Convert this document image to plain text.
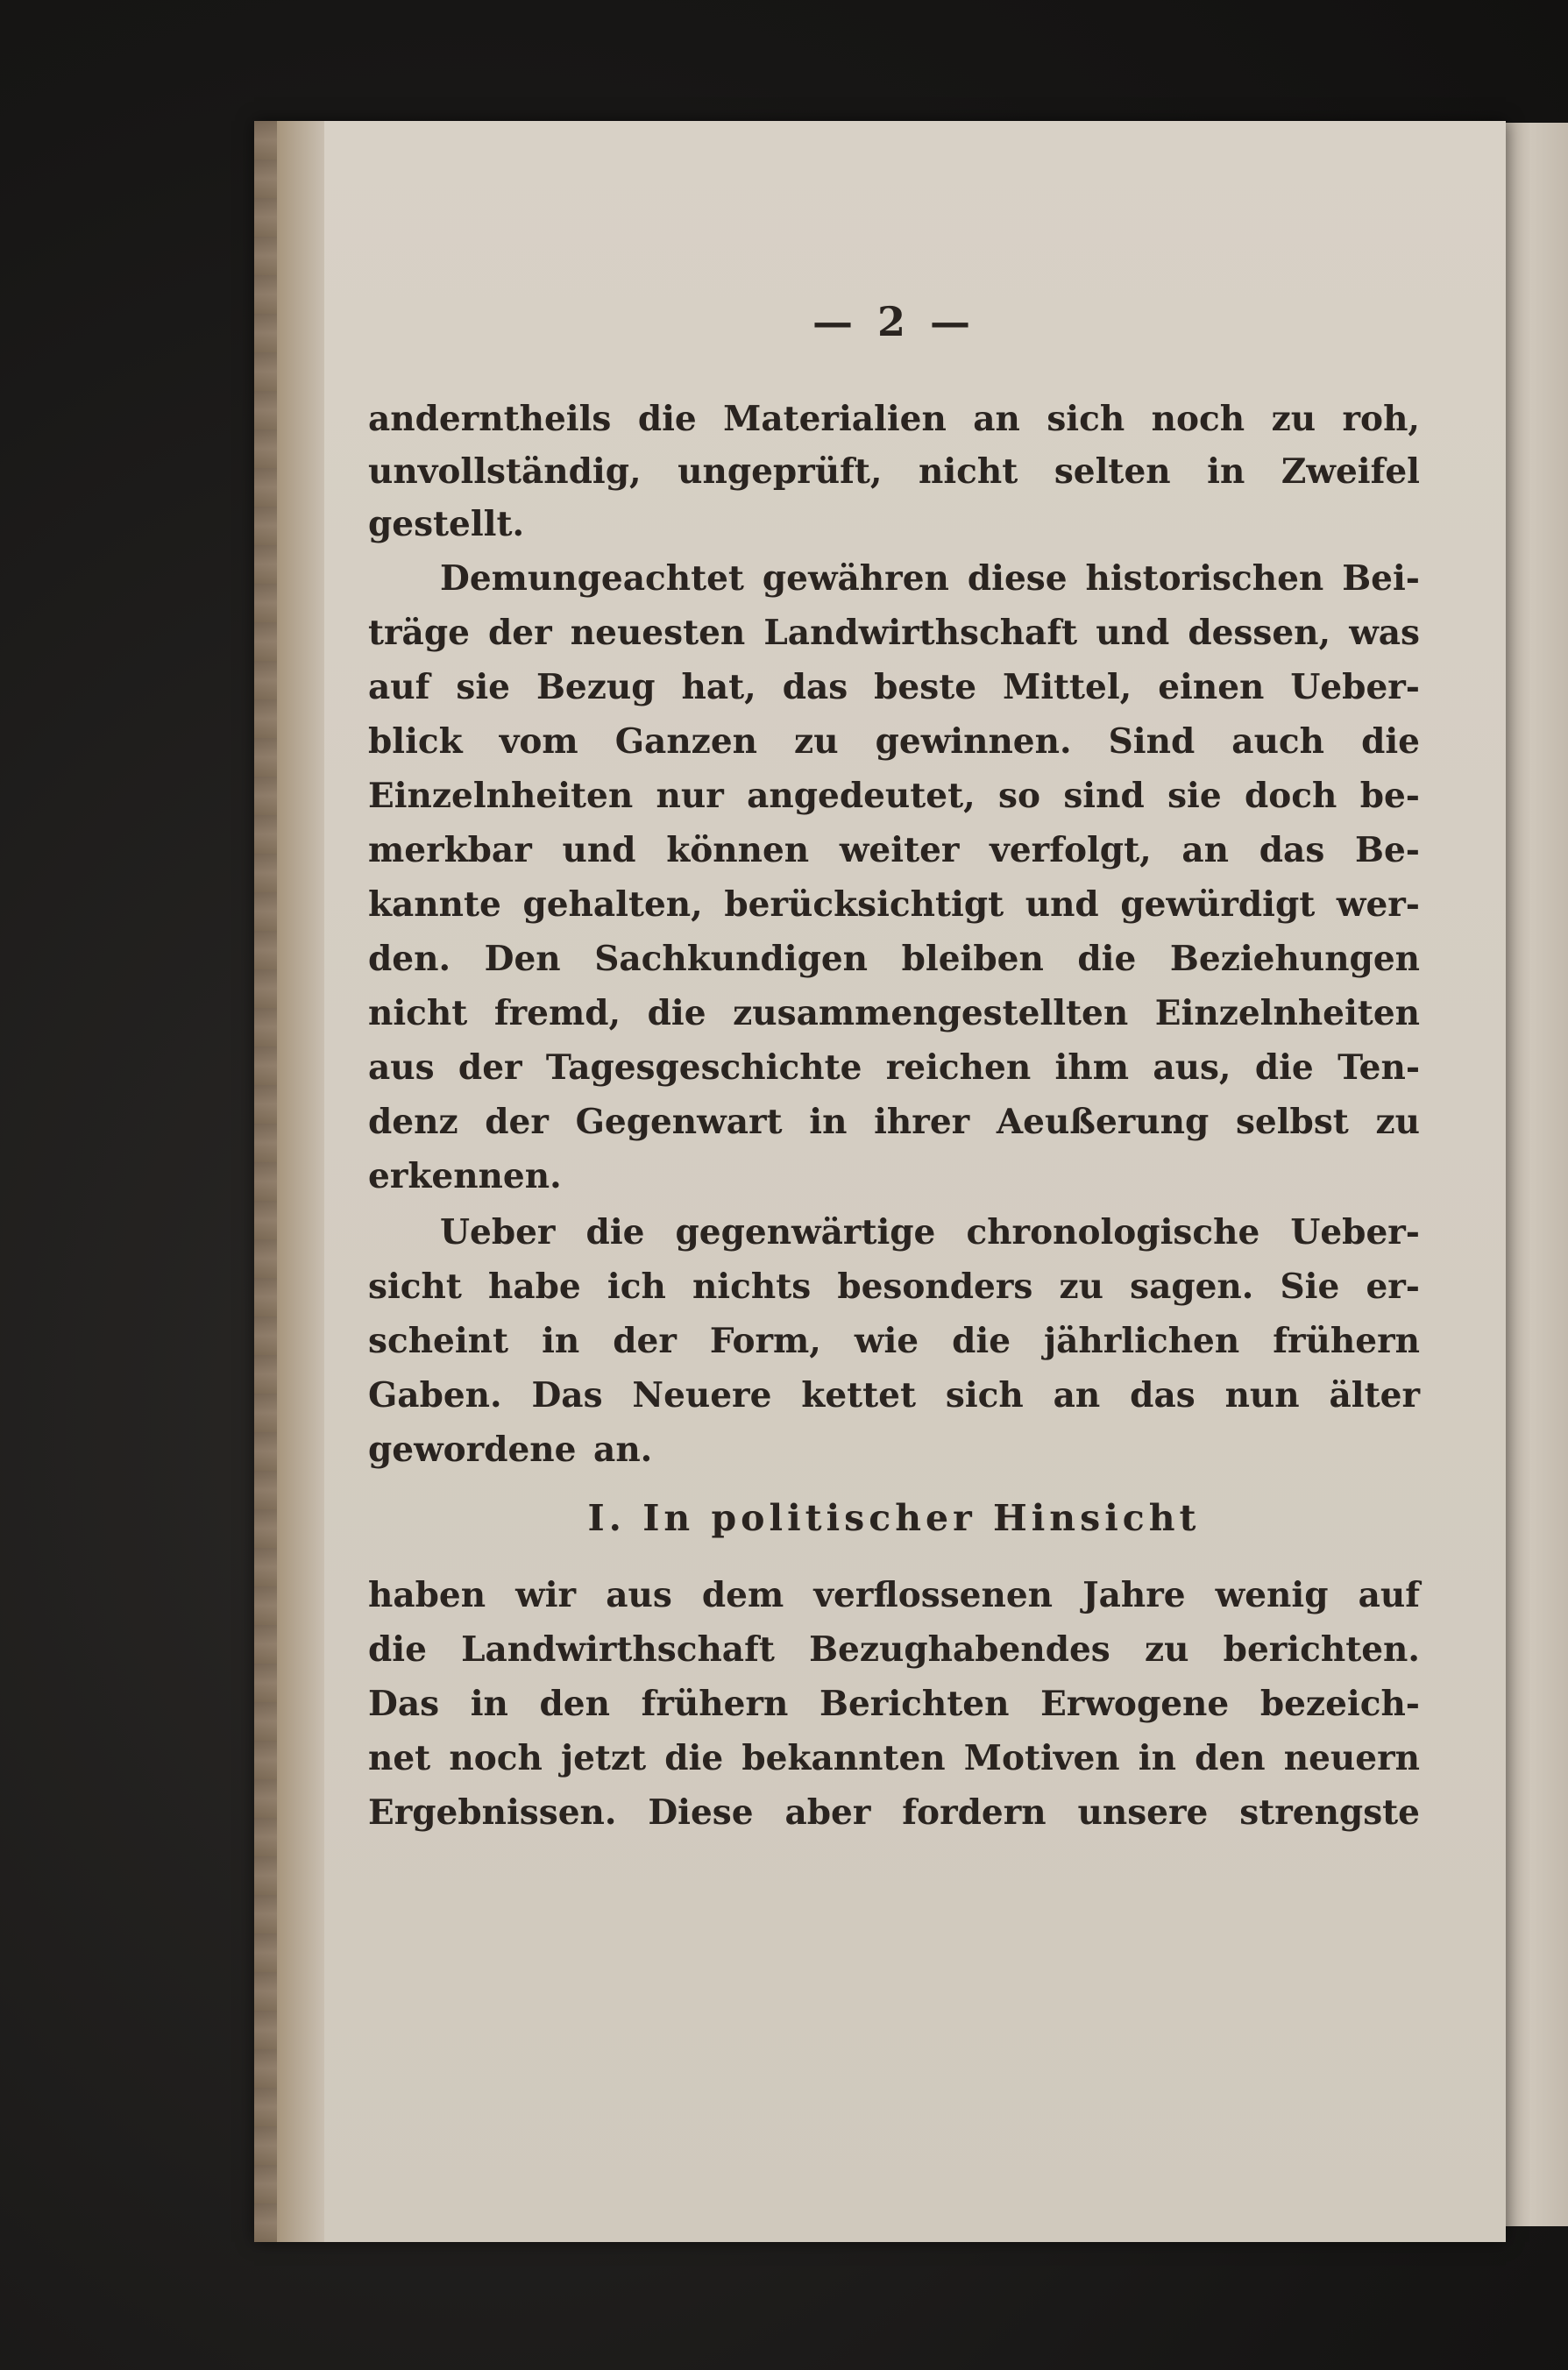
— 2 —
anderntheils die Materialien an sich noch zu roh,
unvollständig, ungeprüft, nicht selten in Zweifel
gestellt.
Demungeachtet gewähren diese historischen Bei-
träge der neuesten Landwirthschaft und dessen, was
auf sie Bezug hat, das beste Mittel, einen Ueber-
blick vom Ganzen zu gewinnen. Sind auch die
Einzelnheiten nur angedeutet, so sind sie doch be-
merkbar und können weiter verfolgt, an das Be-
kannte gehalten, berücksichtigt und gewürdigt wer-
den. Den Sachkundigen bleiben die Beziehungen
nicht fremd, die zusammengestellten Einzelnheiten
aus der Tagesgeschichte reichen ihm aus, die Ten-
denz der Gegenwart in ihrer Aeußerung selbst zu
erkennen.
Ueber die gegenwärtige chronologische Ueber-
sicht habe ich nichts besonders zu sagen. Sie er-
scheint in der Form, wie die jährlichen frühern
Gaben. Das Neuere kettet sich an das nun älter
gewordene an.
I. In politischer Hinsicht
haben wir aus dem verflossenen Jahre wenig auf
die Landwirthschaft Bezughabendes zu berichten.
Das in den frühern Berichten Erwogene bezeich-
net noch jetzt die bekannten Motiven in den neuern
Ergebnissen. Diese aber fordern unsere strengste
